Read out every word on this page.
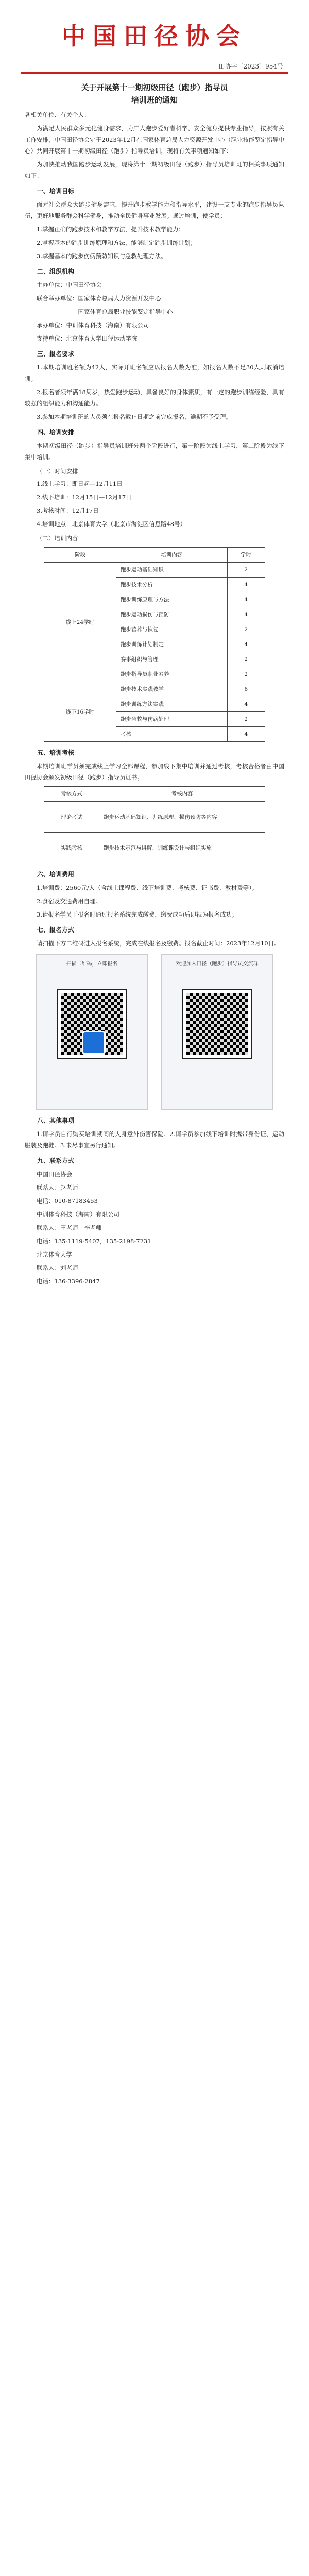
中国田径协会
田协字〔2023〕954号
关于开展第十一期初级田径（跑步）指导员
培训班的通知

各相关单位、有关个人：

为满足人民群众多元化健身需求，为广大跑步爱好者科学、安全健身提供专业指导，按照有关工作安排，中国田径协会定于2023年12月在国家体育总局人力资源开发中心（职业技能鉴定指导中心）共同开展第十一期初级田径（跑步）指导员培训，现将有关事项通知如下：

为加快推动我国跑步运动发展，现将第十一期初级田径（跑步）指导员培训班的相关事项通知如下：

一、培训目标

面对社会群众大跑步健身需求，提升跑步教学能力和指导水平，建设一支专业的跑步指导员队伍，更好地服务群众科学健身，推动全民健身事业发展。通过培训，使学员：

1.掌握正确的跑步技术和教学方法，提升技术教学能力；

2.掌握基本的跑步训练原理和方法，能够制定跑步训练计划；

3.掌握基本的跑步伤病预防知识与急救处理方法。

二、组织机构

主办单位：中国田径协会

联合举办单位：国家体育总局人力资源开发中心

　　　　　　　国家体育总局职业技能鉴定指导中心

承办单位：中训体育科技（海南）有限公司

支持单位：北京体育大学田径运动学院

三、报名要求

1.本期培训班名额为42人，实际开班名额应以报名人数为准，如报名人数不足30人则取消培训。

2.报名者须年满18周岁，热爱跑步运动，具备良好的身体素质，有一定的跑步训练经验，具有较强的组织能力和沟通能力。

3.参加本期培训班的人员须在报名截止日期之前完成报名，逾期不予受理。

四、培训安排

本期初级田径（跑步）指导员培训班分两个阶段进行，第一阶段为线上学习，第二阶段为线下集中培训。

（一）时间安排

1.线上学习：即日起—12月11日

2.线下培训：12月15日—12月17日

3.考核时间：12月17日

4.培训地点：北京体育大学（北京市海淀区信息路48号）

（二）培训内容
阶段	培训内容	学时
线上24学时	跑步运动基础知识	2
	跑步技术分析	4
	跑步训练原理与方法	4
	跑步运动损伤与预防	4
	跑步营养与恢复	2
	跑步训练计划制定	4
	赛事组织与管理	2
	跑步指导员职业素养	2
线下16学时	跑步技术实践教学	6
	跑步训练方法实践	4
	跑步急救与伤病处理	2
	考核	4
五、培训考核

本期培训班学员须完成线上学习全部课程，参加线下集中培训并通过考核，考核合格者由中国田径协会颁发初级田径（跑步）指导员证书。

考核方式	考核内容
理论考试	跑步运动基础知识、训练原理、损伤预防等内容
实践考核	跑步技术示范与讲解、训练课设计与组织实施
六、培训费用

1.培训费：2560元/人（含线上课程费、线下培训费、考核费、证书费、教材费等）。

2.食宿及交通费用自理。

3.请报名学员于报名时通过报名系统完成缴费，缴费成功后即视为报名成功。

七、报名方式

请扫描下方二维码进入报名系统，完成在线报名及缴费。报名截止时间：2023年12月10日。

扫描二维码，立即报名	欢迎加入田径（跑步）指导员交流群
八、其他事项

1.请学员自行购买培训期间的人身意外伤害保险。2.请学员参加线下培训时携带身份证、运动服装及跑鞋。3.未尽事宜另行通知。

九、联系方式

中国田径协会

联系人：赵老师

电话：010-87183453

中训体育科技（海南）有限公司

联系人：王老师　李老师

电话：135-1119-5407，135-2198-7231

北京体育大学

联系人：刘老师

电话：136-3396-2847
